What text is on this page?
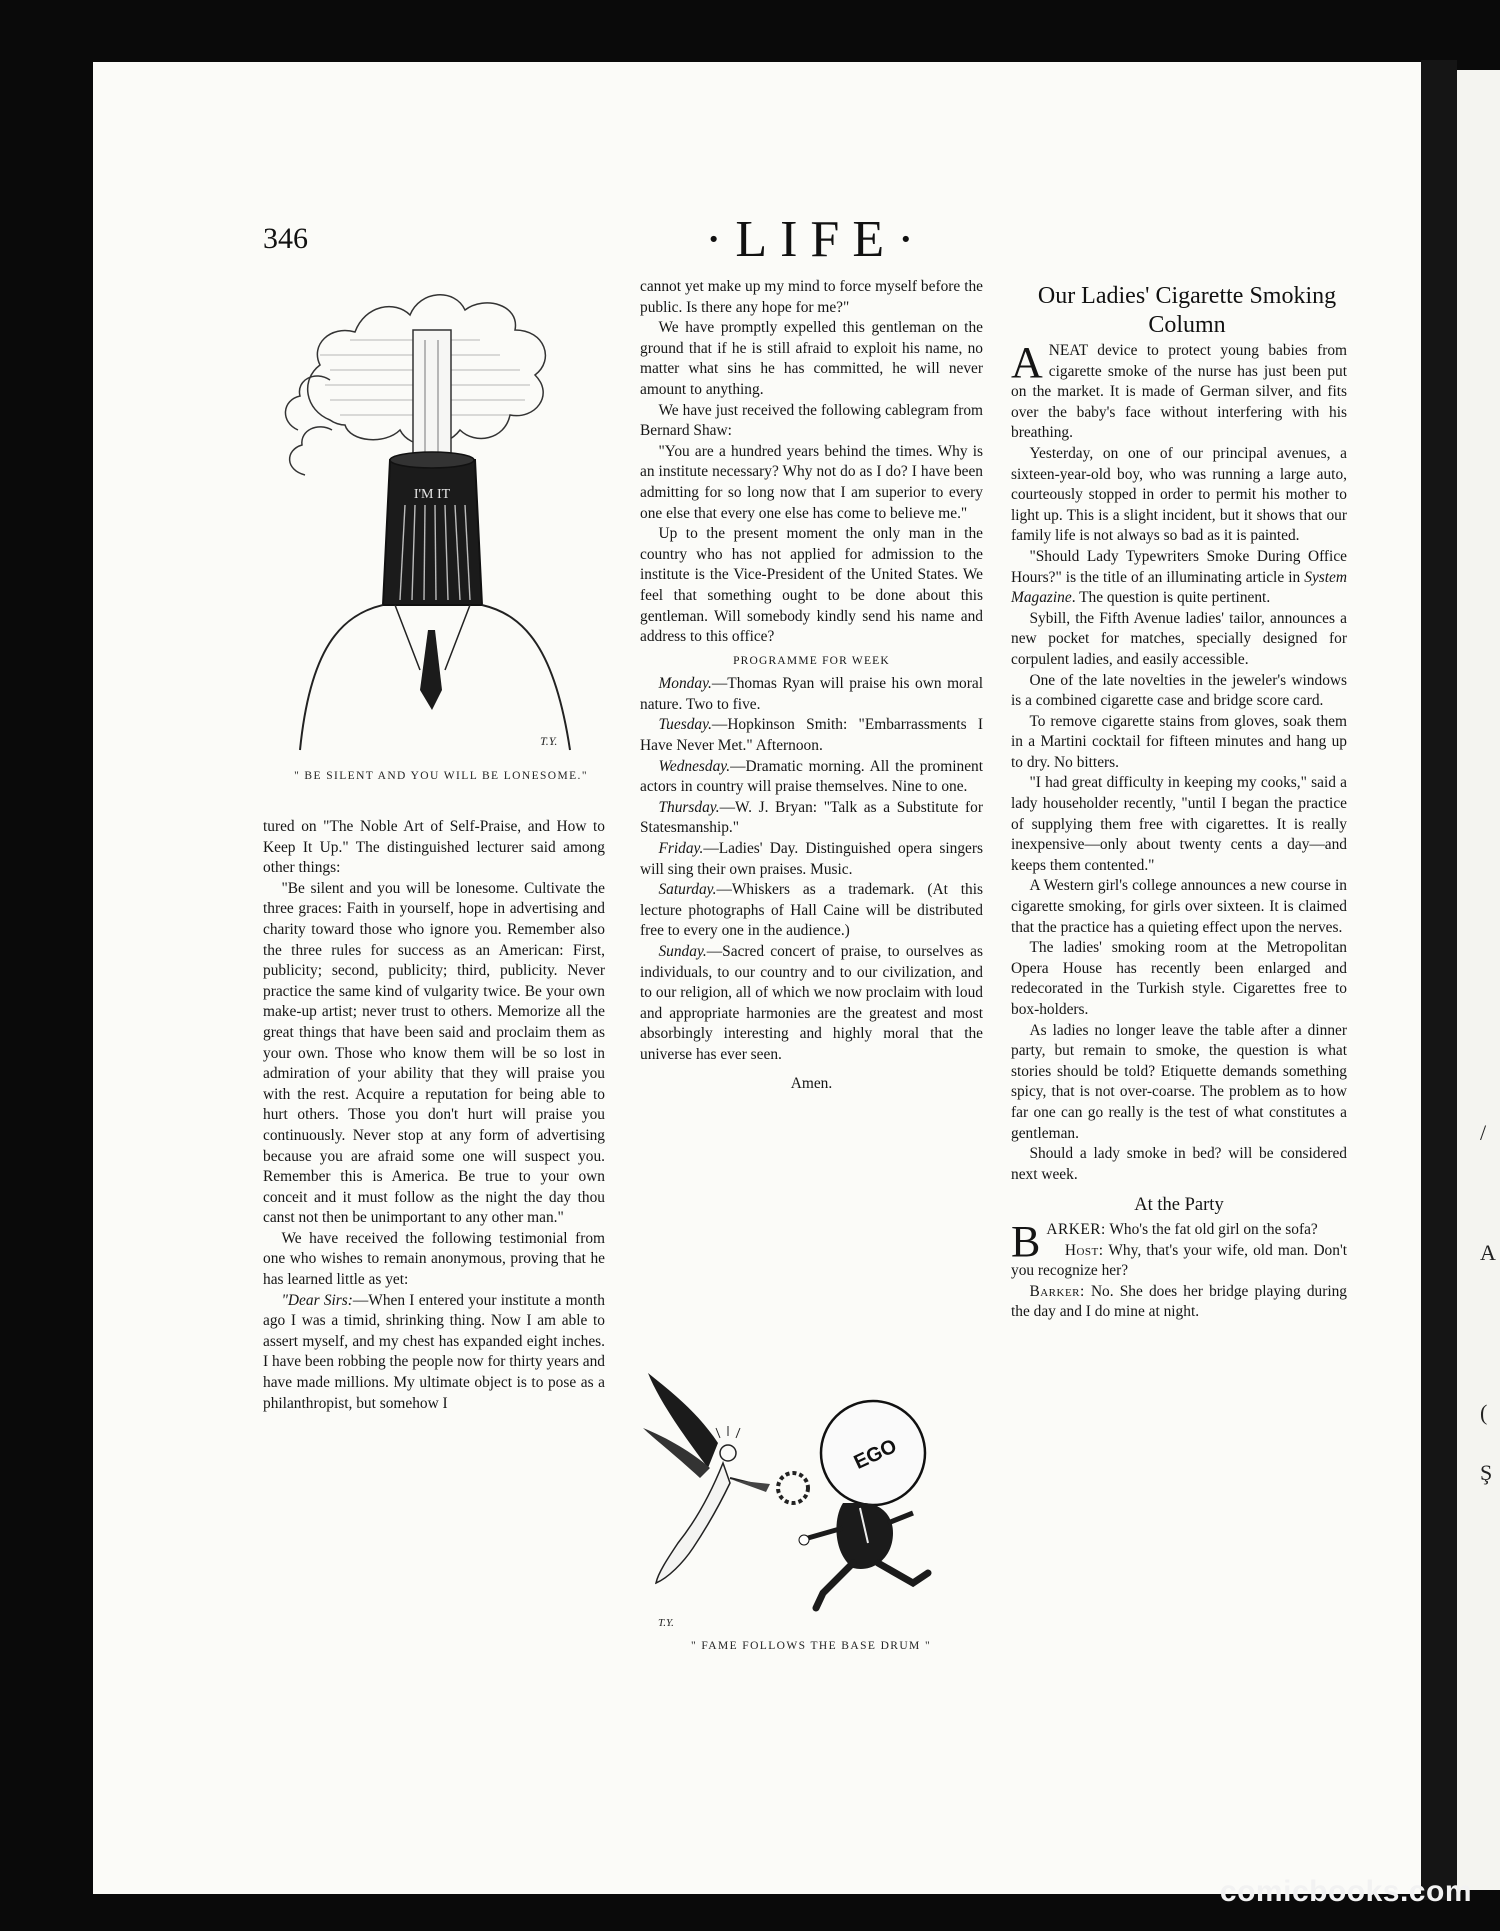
/
A
(
Ş
346	·LIFE·
I'M IT
T.Y.
" BE SILENT AND YOU WILL BE LONESOME."

tured on "The Noble Art of Self-Praise, and How to Keep It Up." The distinguished lecturer said among other things:

"Be silent and you will be lonesome. Cultivate the three graces: Faith in yourself, hope in advertising and charity toward those who ignore you. Remember also the three rules for success as an American: First, publicity; second, publicity; third, publicity. Never practice the same kind of vulgarity twice. Be your own make-up artist; never trust to others. Memorize all the great things that have been said and proclaim them as your own. Those who know them will be so lost in admiration of your ability that they will praise you with the rest. Acquire a reputation for being able to hurt others. Those you don't hurt will praise you continuously. Never stop at any form of advertising because you are afraid some one will suspect you. Remember this is America. Be true to your own conceit and it must follow as the night the day thou canst not then be unimportant to any other man."

We have received the following testimonial from one who wishes to remain anonymous, proving that he has learned little as yet:

"Dear Sirs:—When I entered your institute a month ago I was a timid, shrinking thing. Now I am able to assert myself, and my chest has expanded eight inches. I have been robbing the people now for thirty years and have made millions. My ultimate object is to pose as a philanthropist, but somehow I

cannot yet make up my mind to force myself before the public. Is there any hope for me?"

We have promptly expelled this gentleman on the ground that if he is still afraid to exploit his name, no matter what sins he has committed, he will never amount to anything.

We have just received the following cablegram from Bernard Shaw:

"You are a hundred years behind the times. Why is an institute necessary? Why not do as I do? I have been admitting for so long now that I am superior to every one else that every one else has come to believe me."

Up to the present moment the only man in the country who has not applied for admission to the institute is the Vice-President of the United States. We feel that something ought to be done about this gentleman. Will somebody kindly send his name and address to this office?

PROGRAMME FOR WEEK

Monday.—Thomas Ryan will praise his own moral nature. Two to five.

Tuesday.—Hopkinson Smith: "Embarrassments I Have Never Met." Afternoon.

Wednesday.—Dramatic morning. All the prominent actors in country will praise themselves. Nine to one.

Thursday.—W. J. Bryan: "Talk as a Substitute for Statesmanship."

Friday.—Ladies' Day. Distinguished opera singers will sing their own praises. Music.

Saturday.—Whiskers as a trademark. (At this lecture photographs of Hall Caine will be distributed free to every one in the audience.)

Sunday.—Sacred concert of praise, to ourselves as individuals, to our country and to our civilization, and to our religion, all of which we now proclaim with loud and appropriate harmonies are the greatest and most absorbingly interesting and highly moral that the universe has ever seen.

Amen.

EGO
T.Y.
" FAME FOLLOWS THE BASE DRUM "
Our Ladies' Cigarette Smoking Column

ANEAT device to protect young babies from cigarette smoke of the nurse has just been put on the market. It is made of German silver, and fits over the baby's face without interfering with his breathing.

Yesterday, on one of our principal avenues, a sixteen-year-old boy, who was running a large auto, courteously stopped in order to permit his mother to light up. This is a slight incident, but it shows that our family life is not always so bad as it is painted.

"Should Lady Typewriters Smoke During Office Hours?" is the title of an illuminating article in System Magazine. The question is quite pertinent.

Sybill, the Fifth Avenue ladies' tailor, announces a new pocket for matches, specially designed for corpulent ladies, and easily accessible.

One of the late novelties in the jeweler's windows is a combined cigarette case and bridge score card.

To remove cigarette stains from gloves, soak them in a Martini cocktail for fifteen minutes and hang up to dry. No bitters.

"I had great difficulty in keeping my cooks," said a lady householder recently, "until I began the practice of supplying them free with cigarettes. It is really inexpensive—only about twenty cents a day—and keeps them contented."

A Western girl's college announces a new course in cigarette smoking, for girls over sixteen. It is claimed that the practice has a quieting effect upon the nerves.

The ladies' smoking room at the Metropolitan Opera House has recently been enlarged and redecorated in the Turkish style. Cigarettes free to box-holders.

As ladies no longer leave the table after a dinner party, but remain to smoke, the question is what stories should be told? Etiquette demands something spicy, that is not over-coarse. The problem as to how far one can go really is the test of what constitutes a gentleman.

Should a lady smoke in bed? will be considered next week.

At the Party

BARKER: Who's the fat old girl on the sofa?

Host: Why, that's your wife, old man. Don't you recognize her?

Barker: No. She does her bridge playing during the day and I do mine at night.

comicbooks.com
